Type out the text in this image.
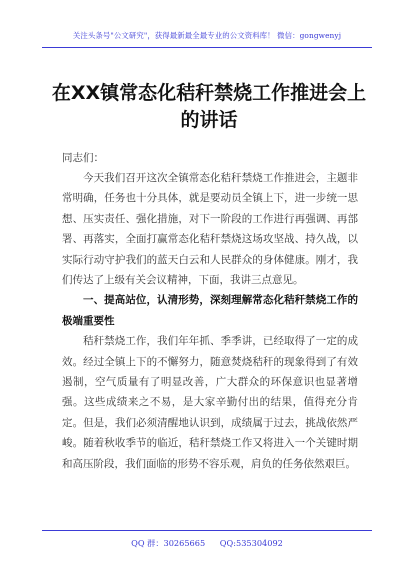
关注头条号"公文研究"，获得最新最全最专业的公文资料库！ 微信：gongwenyj
在XX镇常态化秸秆禁烧工作推进会上的讲话
同志们：

今天我们召开这次全镇常态化秸秆禁烧工作推进会，主题非常明确，任务也十分具体，就是要动员全镇上下，进一步统一思想、压实责任、强化措施，对下一阶段的工作进行再强调、再部署、再落实，全面打赢常态化秸秆禁烧这场攻坚战、持久战，以实际行动守护我们的蓝天白云和人民群众的身体健康。刚才，我们传达了上级有关会议精神，下面，我讲三点意见。

一、提高站位，认清形势，深刻理解常态化秸秆禁烧工作的极端重要性

秸秆禁烧工作，我们年年抓、季季讲，已经取得了一定的成效。经过全镇上下的不懈努力，随意焚烧秸秆的现象得到了有效遏制，空气质量有了明显改善，广大群众的环保意识也显著增强。这些成绩来之不易，是大家辛勤付出的结果，值得充分肯定。但是，我们必须清醒地认识到，成绩属于过去，挑战依然严峻。随着秋收季节的临近，秸秆禁烧工作又将进入一个关键时期和高压阶段，我们面临的形势不容乐观，肩负的任务依然艰巨。

QQ 群：30265665 QQ:535304092
